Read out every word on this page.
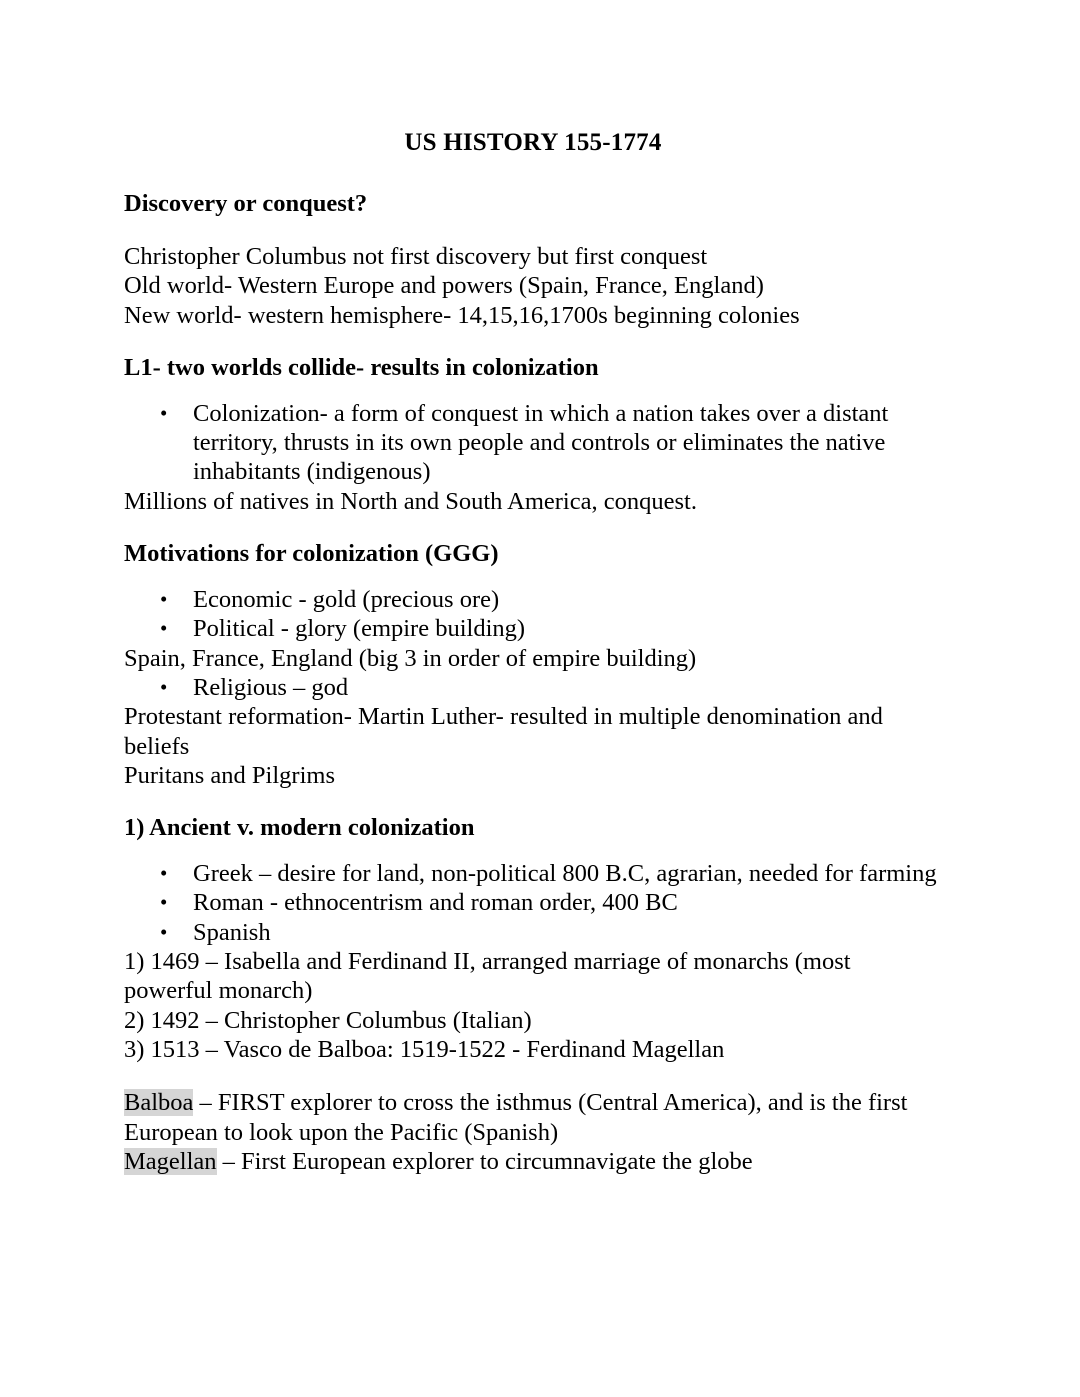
US HISTORY 155-1774
Discovery or conquest?
Christopher Columbus not first discovery but first conquest
Old world- Western Europe and powers (Spain, France, England)
New world- western hemisphere- 14,15,16,1700s beginning colonies
L1- two worlds collide- results in colonization
• Colonization- a form of conquest in which a nation takes over a distant territory, thrusts in its own people and controls or eliminates the native inhabitants (indigenous)
Millions of natives in North and South America, conquest.
Motivations for colonization (GGG)
• Economic - gold (precious ore)
• Political - glory (empire building)
Spain, France, England (big 3 in order of empire building)
• Religious – god
Protestant reformation- Martin Luther- resulted in multiple denomination and beliefs
Puritans and Pilgrims
1) Ancient v. modern colonization
• Greek – desire for land, non-political 800 B.C, agrarian, needed for farming
• Roman - ethnocentrism and roman order, 400 BC
• Spanish
1) 1469 – Isabella and Ferdinand II, arranged marriage of monarchs (most powerful monarch)
2) 1492 – Christopher Columbus (Italian)
3) 1513 – Vasco de Balboa: 1519-1522 - Ferdinand Magellan
Balboa – FIRST explorer to cross the isthmus (Central America), and is the first European to look upon the Pacific (Spanish)
Magellan – First European explorer to circumnavigate the globe
